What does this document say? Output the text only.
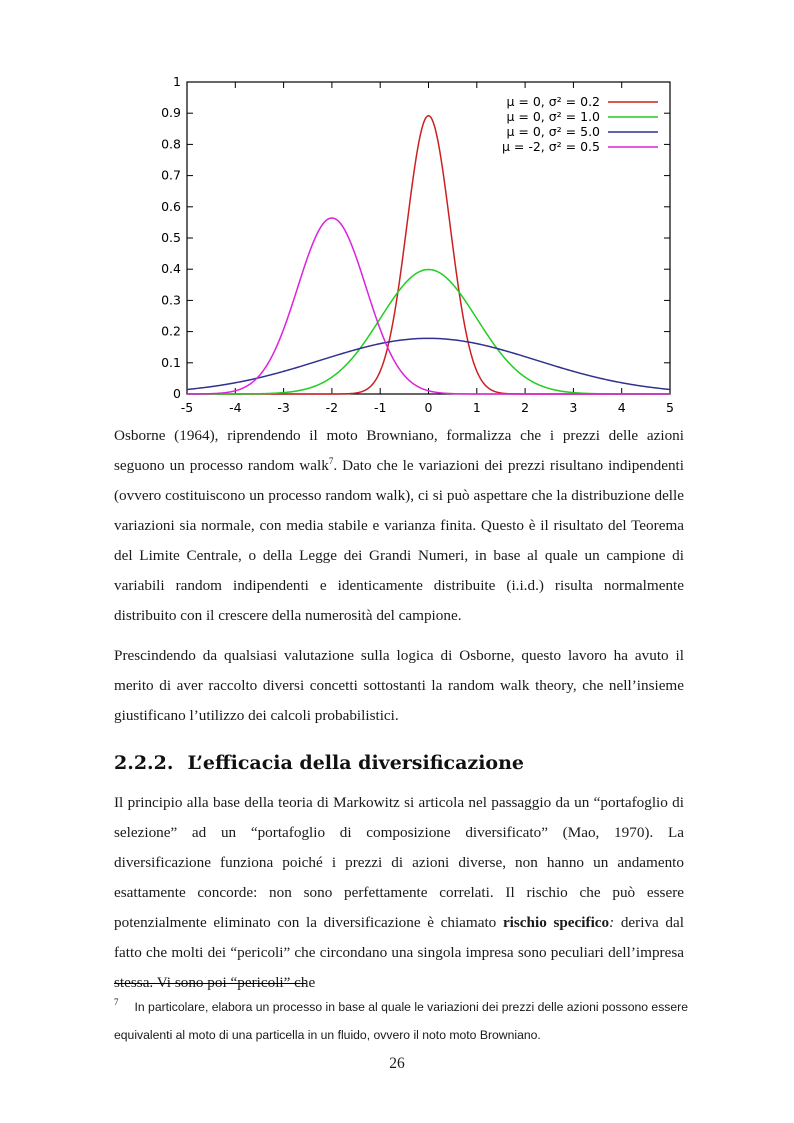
0
0.1
0.2
0.3
0.4
0.5
0.6
0.7
0.8
0.9
1
-5	-4	-3	-2	-1	0	1	2	3	4	5
μ = 0, σ² = 0.2
μ = 0, σ² = 1.0
μ = 0, σ² = 5.0
μ = -2, σ² = 0.5

Osborne (1964), riprendendo il moto Browniano, formalizza che i prezzi delle azioni seguono un processo random walk$^7$. Dato che le variazioni dei prezzi risultano indipendenti (ovvero costituiscono un processo random walk), ci si può aspettare che la distribuzione delle variazioni sia normale, con media stabile e varianza finita. Questo è il risultato del Teorema del Limite Centrale, o della Legge dei Grandi Numeri, in base al quale un campione di variabili random indipendenti e identicamente distribuite (i.i.d.) risulta normalmente distribuito con il crescere della numerosità del campione.

Prescindendo da qualsiasi valutazione sulla logica di Osborne, questo lavoro ha avuto il merito di aver raccolto diversi concetti sottostanti la random walk theory, che nell’insieme giustificano l’utilizzo dei calcoli probabilistici.

2.2.2. L’efficacia della diversificazione

Il principio alla base della teoria di Markowitz si articola nel passaggio da un “portafoglio di selezione” ad un “portafoglio di composizione diversificato” (Mao, 1970). La diversificazione funziona poiché i prezzi di azioni diverse, non hanno un andamento esattamente concorde: non sono perfettamente correlati. Il rischio che può essere potenzialmente eliminato con la diversificazione è chiamato rischio specifico: deriva dal fatto che molti dei “pericoli” che circondano una singola impresa sono peculiari dell’impresa stessa. Vi sono poi “pericoli” che

$^7$ In particolare, elabora un processo in base al quale le variazioni dei prezzi delle azioni possono essere equivalenti al moto di una particella in un fluido, ovvero il noto moto Browniano.

26
